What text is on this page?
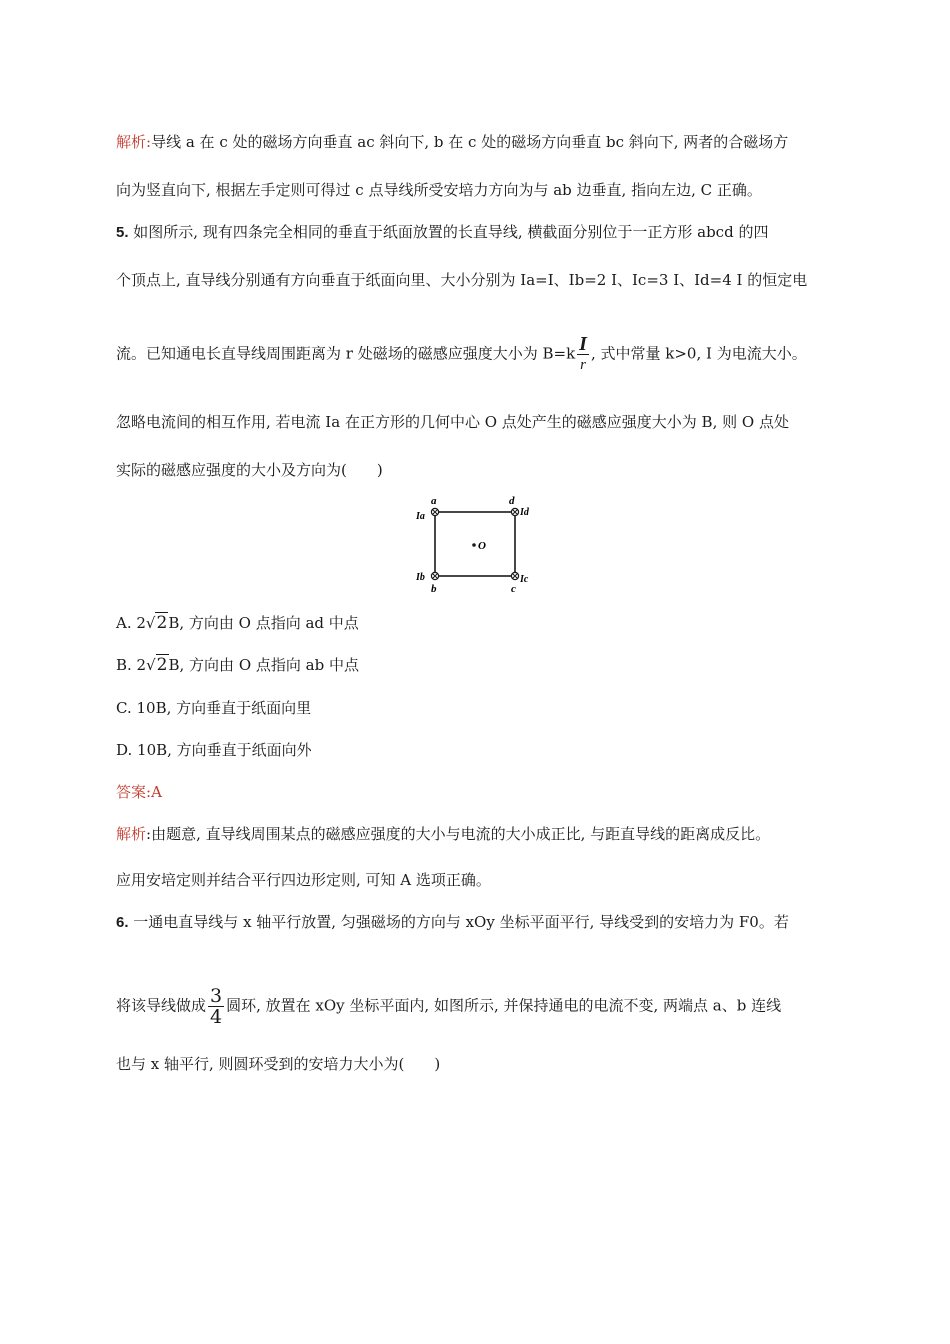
解析:导线 a 在 c 处的磁场方向垂直 ac 斜向下, b 在 c 处的磁场方向垂直 bc 斜向下, 两者的合磁场方
向为竖直向下, 根据左手定则可得过 c 点导线所受安培力方向为与 ab 边垂直, 指向左边, C 正确。
5. 如图所示, 现有四条完全相同的垂直于纸面放置的长直导线, 横截面分别位于一正方形 abcd 的四
个顶点上, 直导线分别通有方向垂直于纸面向里、大小分别为 Ia=I、Ib=2 I、Ic=3 I、Id=4 I 的恒定电
流。已知通电长直导线周围距离为 r 处磁场的磁感应强度大小为 $B=k \frac{I}{r}$ , 式中常量 k>0, I 为电流大小。
忽略电流间的相互作用, 若电流 Ia 在正方形的几何中心 O 点处产生的磁感应强度大小为 B, 则 O 点处
实际的磁感应强度的大小及方向为(　　)
O
a	d
b	c
Ia	Id
Ib	Ic
A. 2√2B, 方向由 O 点指向 ad 中点
B. 2√2B, 方向由 O 点指向 ab 中点
C. 10B, 方向垂直于纸面向里
D. 10B, 方向垂直于纸面向外
答案:A
解析:由题意, 直导线周围某点的磁感应强度的大小与电流的大小成正比, 与距直导线的距离成反比。
应用安培定则并结合平行四边形定则, 可知 A 选项正确。
6. 一通电直导线与 x 轴平行放置, 匀强磁场的方向与 xOy 坐标平面平行, 导线受到的安培力为 F0。若
将该导线做成 $\frac{3}{4}$ 圆环, 放置在 xOy 坐标平面内, 如图所示, 并保持通电的电流不变, 两端点 a、b 连线
也与 x 轴平行, 则圆环受到的安培力大小为(　　)
